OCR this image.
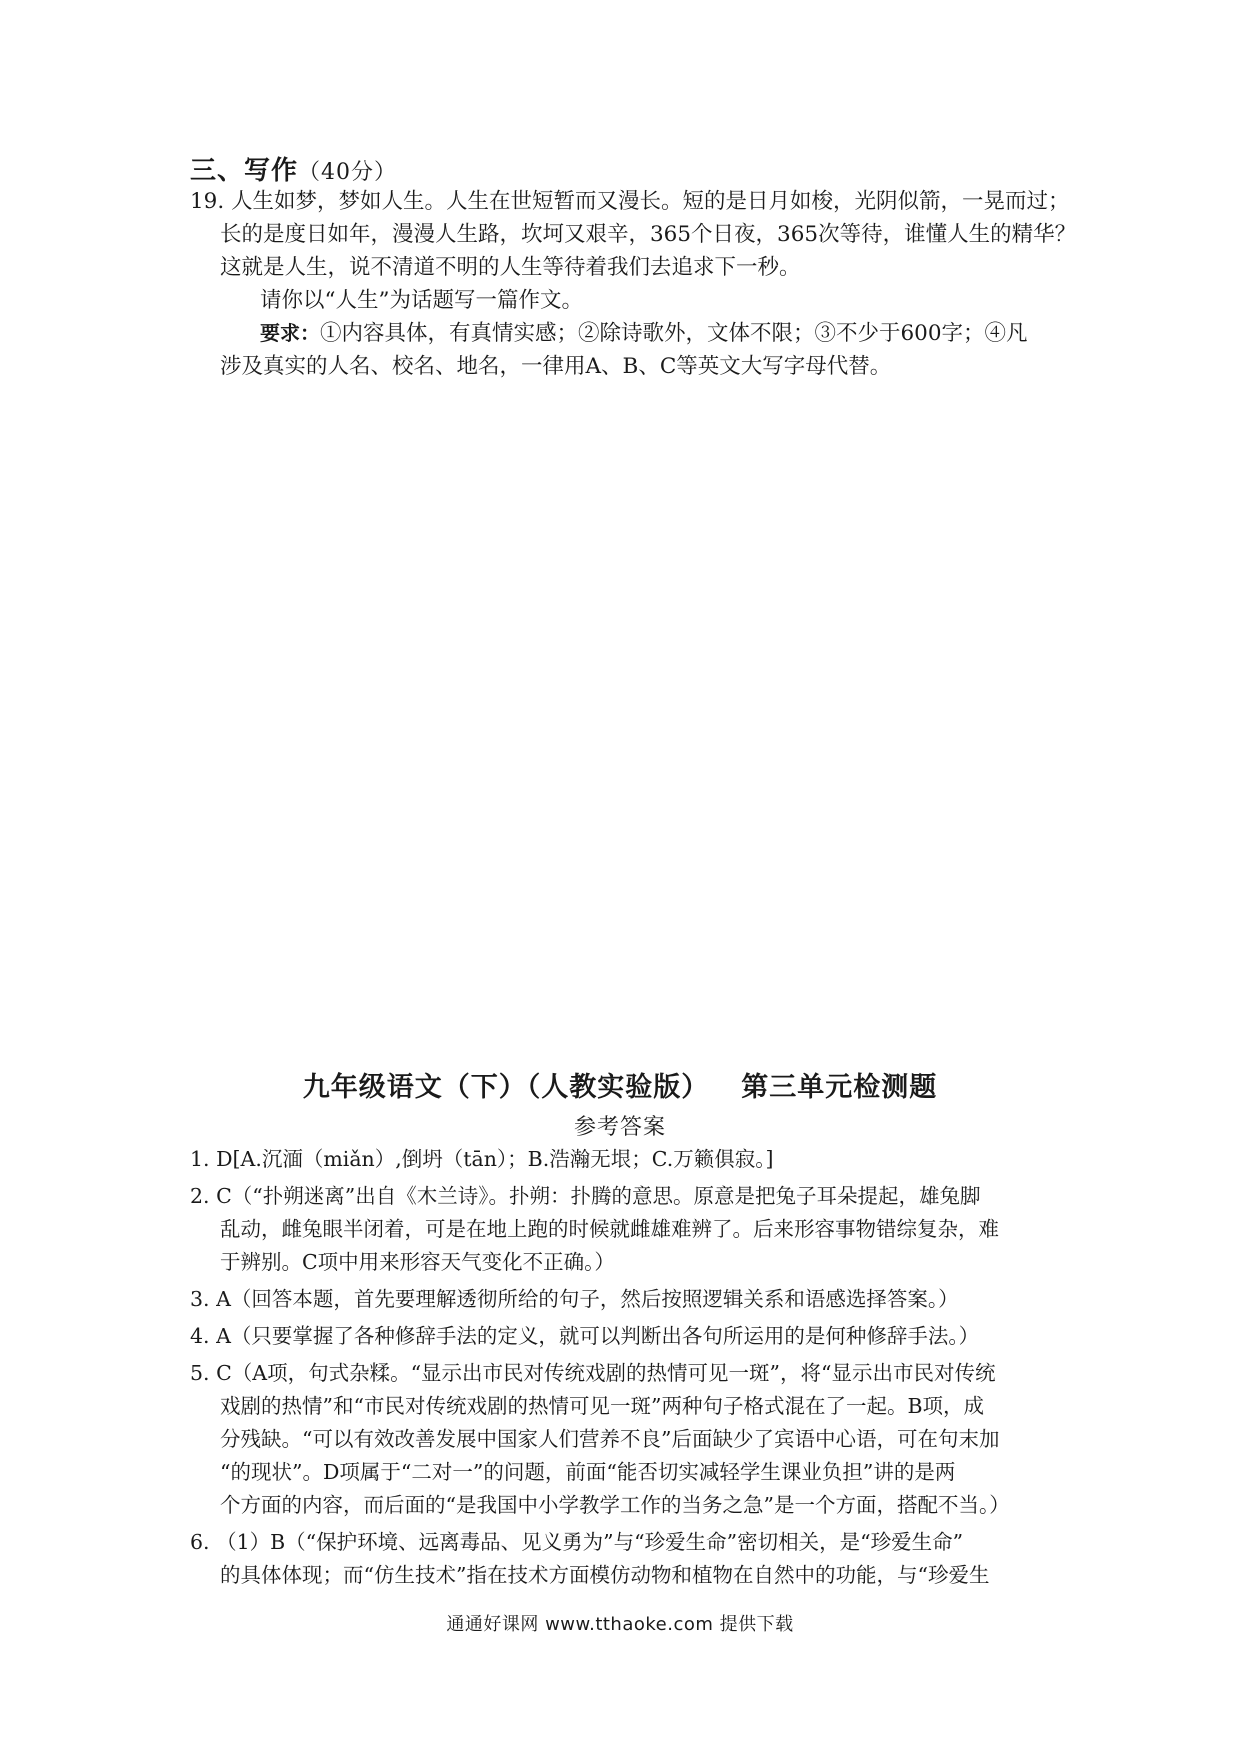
三、写作（40分）
19. 人生如梦，梦如人生。人生在世短暂而又漫长。短的是日月如梭，光阴似箭，一晃而过；
长的是度日如年，漫漫人生路，坎坷又艰辛，365个日夜，365次等待，谁懂人生的精华？
这就是人生，说不清道不明的人生等待着我们去追求下一秒。
请你以“人生”为话题写一篇作文。
要求：①内容具体，有真情实感；②除诗歌外，文体不限；③不少于600字；④凡
涉及真实的人名、校名、地名，一律用A、B、C等英文大写字母代替。
九年级语文（下）（人教实验版） 第三单元检测题
参考答案
1. D[A.沉湎（miǎn）,倒坍（tān）；B.浩瀚无垠；C.万籁俱寂。]
2. C（“扑朔迷离”出自《木兰诗》。扑朔：扑腾的意思。原意是把兔子耳朵提起，雄兔脚
乱动，雌兔眼半闭着，可是在地上跑的时候就雌雄难辨了。后来形容事物错综复杂，难
于辨别。C项中用来形容天气变化不正确。）
3. A（回答本题，首先要理解透彻所给的句子，然后按照逻辑关系和语感选择答案。）
4. A（只要掌握了各种修辞手法的定义，就可以判断出各句所运用的是何种修辞手法。）
5. C（A项，句式杂糅。“显示出市民对传统戏剧的热情可见一斑”，将“显示出市民对传统
戏剧的热情”和“市民对传统戏剧的热情可见一斑”两种句子格式混在了一起。B项，成
分残缺。“可以有效改善发展中国家人们营养不良”后面缺少了宾语中心语，可在句末加
“的现状”。D项属于“二对一”的问题，前面“能否切实减轻学生课业负担”讲的是两
个方面的内容，而后面的“是我国中小学教学工作的当务之急”是一个方面，搭配不当。）
6. （1）B（“保护环境、远离毒品、见义勇为”与“珍爱生命”密切相关，是“珍爱生命”
的具体体现；而“仿生技术”指在技术方面模仿动物和植物在自然中的功能，与“珍爱生
通通好课网 www.tthaoke.com 提供下载
